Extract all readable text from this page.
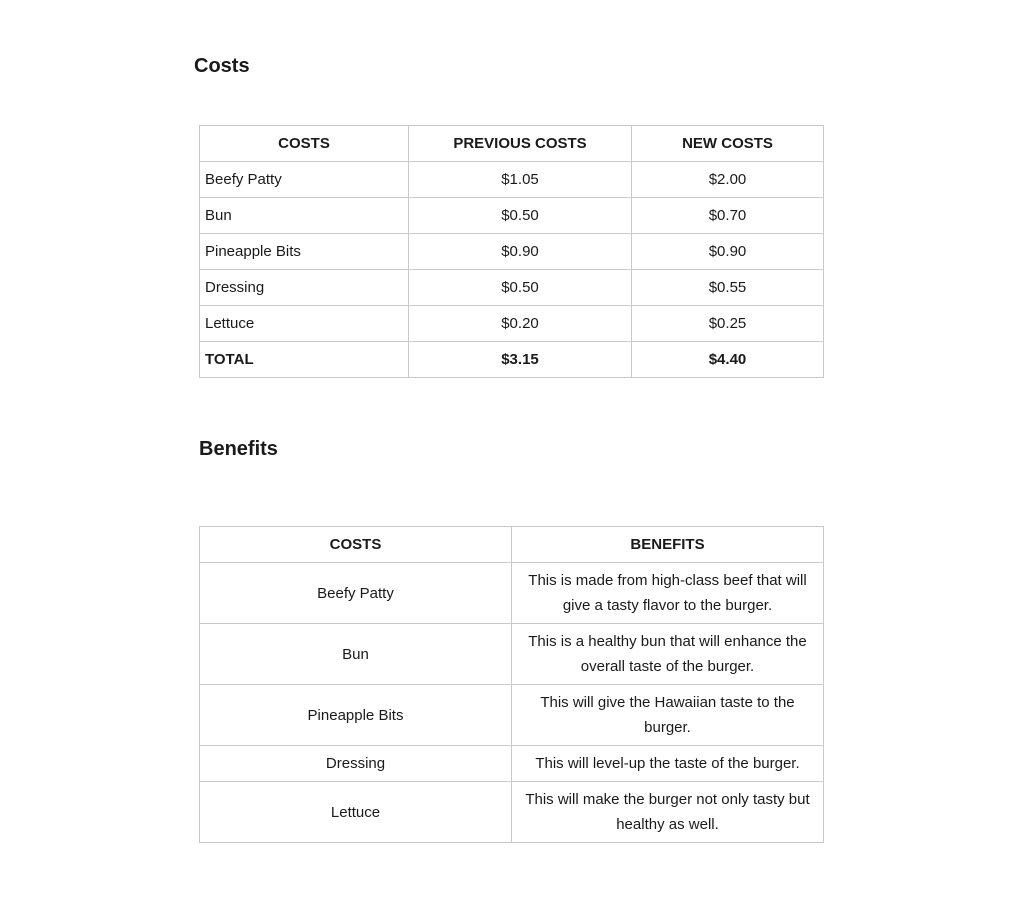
Costs
COSTS	PREVIOUS COSTS	NEW COSTS
Beefy Patty	$1.05	$2.00
Bun	$0.50	$0.70
Pineapple Bits	$0.90	$0.90
Dressing	$0.50	$0.55
Lettuce	$0.20	$0.25
TOTAL	$3.15	$4.40
Benefits
COSTS	BENEFITS
Beefy Patty	This is made from high-class beef that will give a tasty flavor to the burger.
Bun	This is a healthy bun that will enhance the overall taste of the burger.
Pineapple Bits	This will give the Hawaiian taste to the burger.
Dressing	This will level-up the taste of the burger.
Lettuce	This will make the burger not only tasty but healthy as well.
